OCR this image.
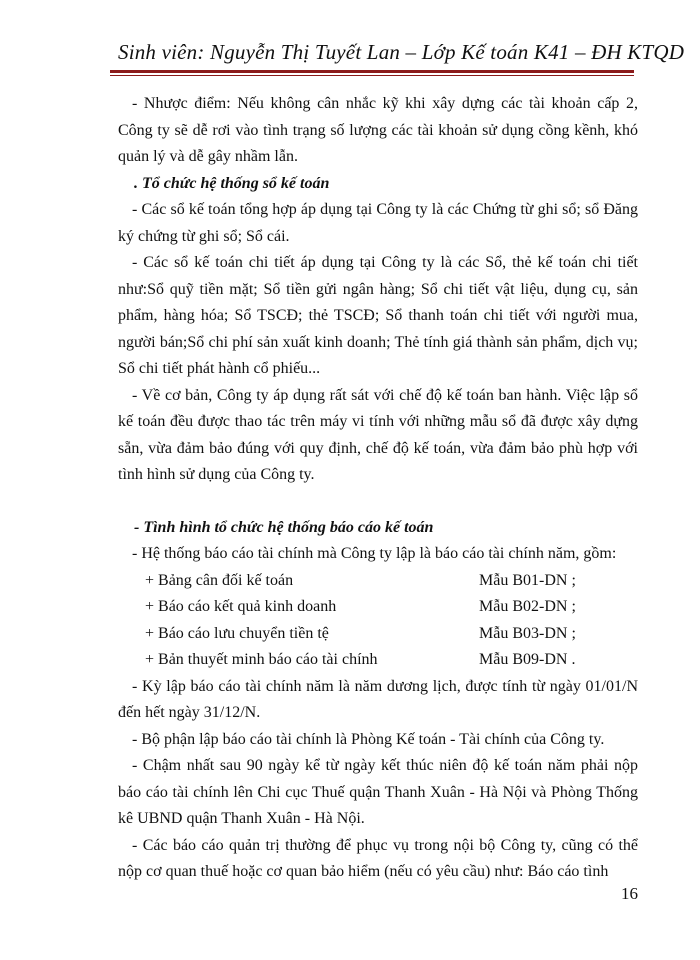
Sinh viên: Nguyễn Thị Tuyết Lan – Lớp Kế toán K41 – ĐH KTQD

- Nhược điểm: Nếu không cân nhắc kỹ khi xây dựng các tài khoản cấp 2, Công ty sẽ dễ rơi vào tình trạng số lượng các tài khoản sử dụng cồng kềnh, khó quản lý và dễ gây nhầm lẫn.

. Tổ chức hệ thống sổ kế toán

- Các sổ kế toán tổng hợp áp dụng tại Công ty là các Chứng từ ghi sổ; sổ Đăng ký chứng từ ghi sổ; Sổ cái.

- Các sổ kế toán chi tiết áp dụng tại Công ty là các Sổ, thẻ kế toán chi tiết như:Sổ quỹ tiền mặt; Sổ tiền gửi ngân hàng; Sổ chi tiết vật liệu, dụng cụ, sản phẩm, hàng hóa; Sổ TSCĐ; thẻ TSCĐ; Sổ thanh toán chi tiết với người mua, người bán;Sổ chi phí sản xuất kinh doanh; Thẻ tính giá thành sản phẩm, dịch vụ; Sổ chi tiết phát hành cổ phiếu...

- Về cơ bản, Công ty áp dụng rất sát với chế độ kế toán ban hành. Việc lập sổ kế toán đều được thao tác trên máy vi tính với những mẫu sổ đã được xây dựng sẵn, vừa đảm bảo đúng với quy định, chế độ kế toán, vừa đảm bảo phù hợp với tình hình sử dụng của Công ty.

- Tình hình tổ chức hệ thống báo cáo kế toán

- Hệ thống báo cáo tài chính mà Công ty lập là báo cáo tài chính năm, gồm:

+ Bảng cân đối kế toán	Mẫu B01-DN ;
+ Báo cáo kết quả kinh doanh	Mẫu B02-DN ;
+ Báo cáo lưu chuyển tiền tệ	Mẫu B03-DN ;
+ Bản thuyết minh báo cáo tài chính	Mẫu B09-DN .

- Kỳ lập báo cáo tài chính năm là năm dương lịch, được tính từ ngày 01/01/N đến hết ngày 31/12/N.

- Bộ phận lập báo cáo tài chính là Phòng Kế toán - Tài chính của Công ty.

- Chậm nhất sau 90 ngày kể từ ngày kết thúc niên độ kế toán năm phải nộp báo cáo tài chính lên Chi cục Thuế quận Thanh Xuân - Hà Nội và Phòng Thống kê UBND quận Thanh Xuân - Hà Nội.

- Các báo cáo quản trị thường để phục vụ trong nội bộ Công ty, cũng có thể nộp cơ quan thuế hoặc cơ quan bảo hiểm (nếu có yêu cầu) như: Báo cáo tình

16
